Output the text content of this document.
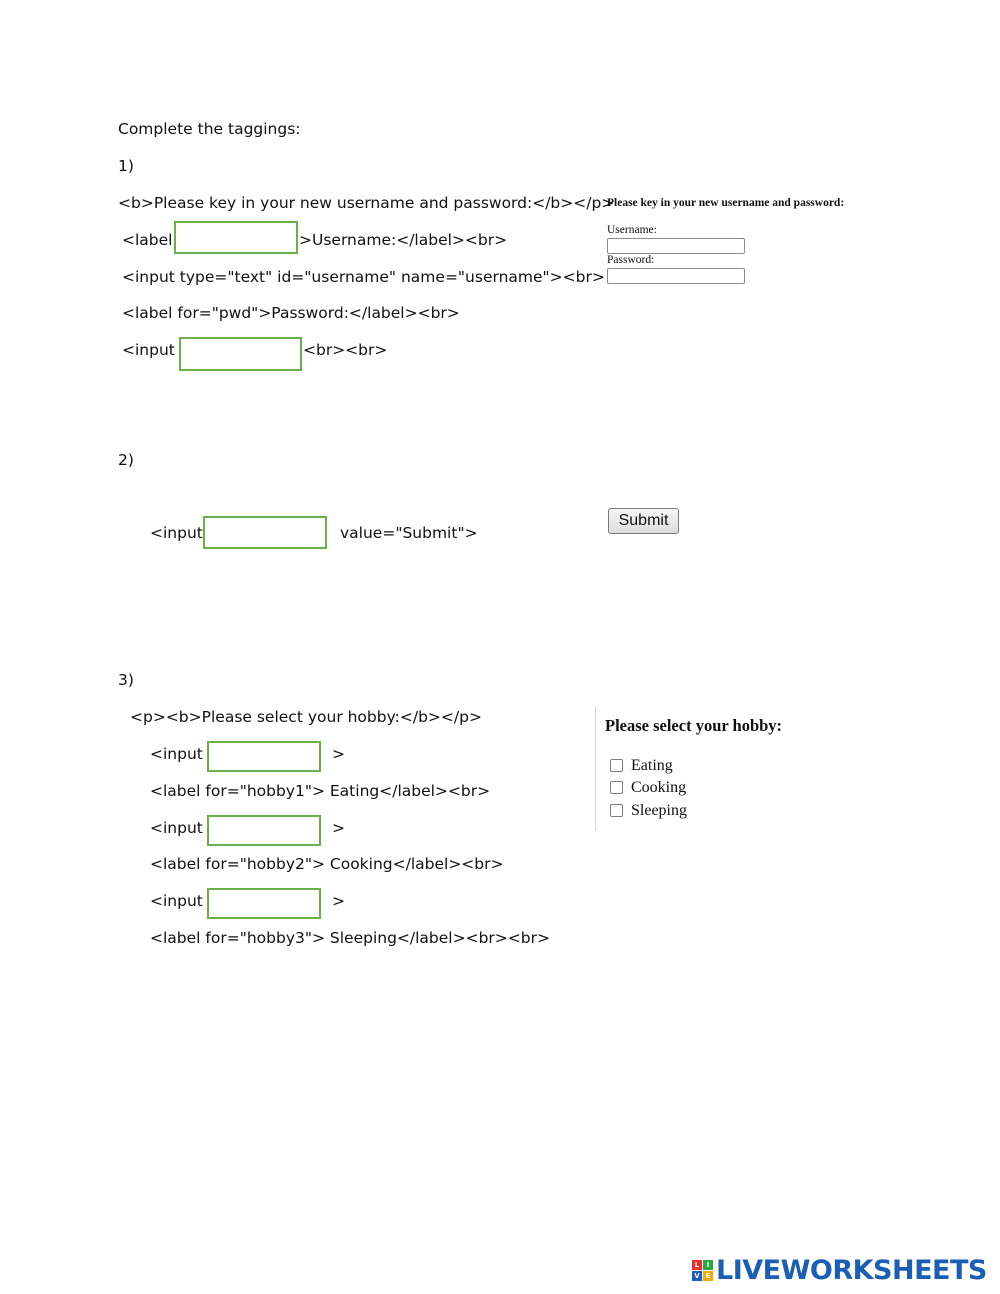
Complete the taggings:
1)
<b>Please key in your new username and password:</b></p>
<label	>Username:</label><br>
<input type="text" id="username" name="username"><br>
<label for="pwd">Password:</label><br>
<input	<br><br>
Please key in your new username and password:
Username:
Password:
2)
<input	value="Submit">
Submit
3)
<p><b>Please select your hobby:</b></p>
<input	>
<label for="hobby1"> Eating</label><br>
<input	>
<label for="hobby2"> Cooking</label><br>
<input	>
<label for="hobby3"> Sleeping</label><br><br>
Please select your hobby:
Eating
Cooking
Sleeping
L	I
V E LIVEWORKSHEETS
